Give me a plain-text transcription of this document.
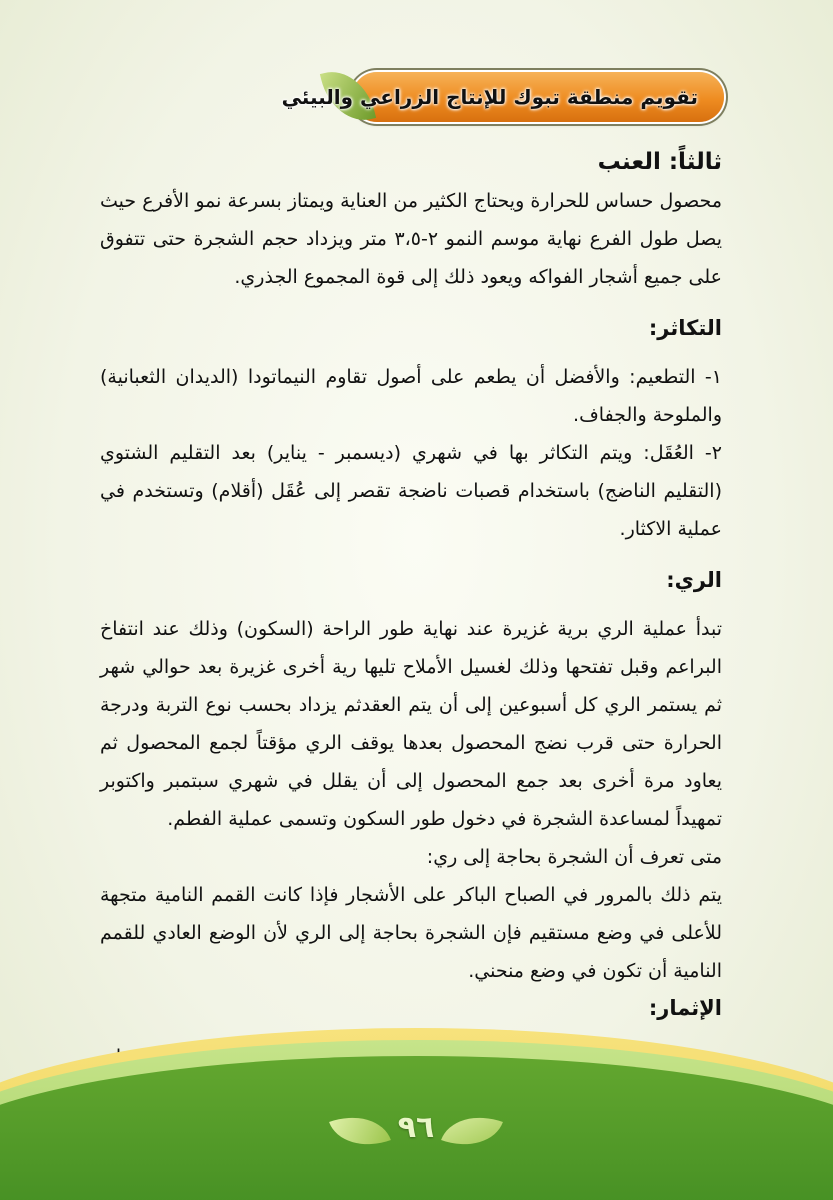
تقويم منطقة تبوك للإنتاج الزراعي والبيئي
ثالثاً: العنب

محصول حساس للحرارة ويحتاج الكثير من العناية ويمتاز بسرعة نمو الأفرع حيث يصل طول الفرع نهاية موسم النمو ٢-٣،٥ متر ويزداد حجم الشجرة حتى تتفوق على جميع أشجار الفواكه ويعود ذلك إلى قوة المجموع الجذري.

التكاثر:

١- التطعيم: والأفضل أن يطعم على أصول تقاوم النيماتودا (الديدان الثعبانية) والملوحة والجفاف.

٢- العُقَل: ويتم التكاثر بها في شهري (ديسمبر - يناير) بعد التقليم الشتوي (التقليم الناضج) باستخدام قصبات ناضجة تقصر إلى عُقَل (أقلام) وتستخدم في عملية الاكثار.

الري:

تبدأ عملية الري برية غزيرة عند نهاية طور الراحة (السكون) وذلك عند انتفاخ البراعم وقبل تفتحها وذلك لغسيل الأملاح تليها رية أخرى غزيرة بعد حوالي شهر ثم يستمر الري كل أسبوعين إلى أن يتم العقدثم يزداد بحسب نوع التربة ودرجة الحرارة حتى قرب نضج المحصول بعدها يوقف الري مؤقتاً لجمع المحصول ثم يعاود مرة أخرى بعد جمع المحصول إلى أن يقلل في شهري سبتمبر واكتوبر تمهيداً لمساعدة الشجرة في دخول طور السكون وتسمى عملية الفطم.

متى تعرف أن الشجرة بحاجة إلى ري:

يتم ذلك بالمرور في الصباح الباكر على الأشجار فإذا كانت القمم النامية متجهة للأعلى في وضع مستقيم فإن الشجرة بحاجة إلى الري لأن الوضع العادي للقمم النامية أن تكون في وضع منحني.

الإثمار:

٩٦
